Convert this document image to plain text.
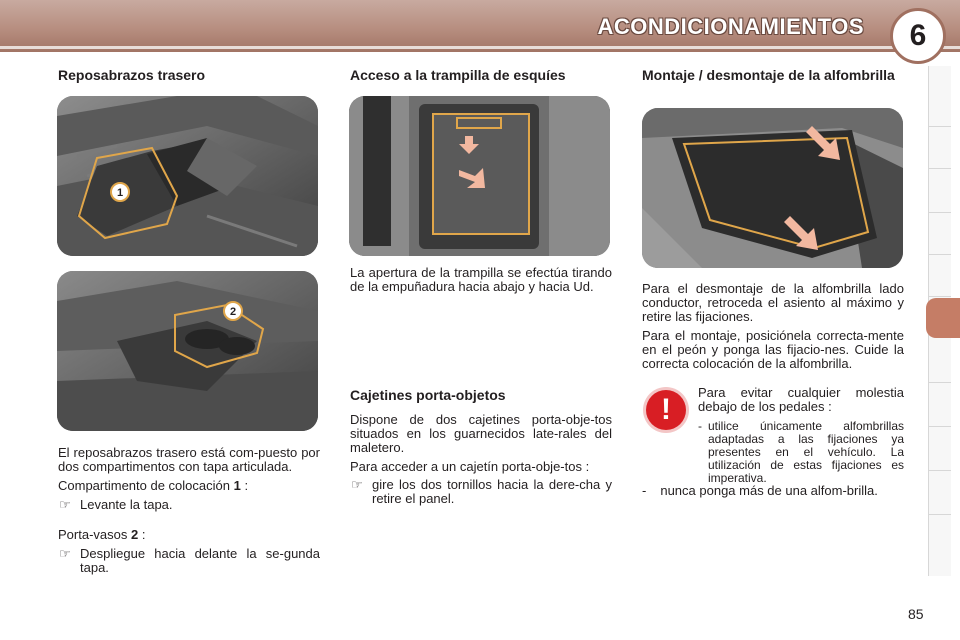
ACONDICIONAMIENTOS	6
Reposabrazos trasero
1
2

El reposabrazos trasero está com-puesto por dos compartimentos con tapa articulada.

Compartimento de colocación 1 :
☞ Levante la tapa.
Porta-vasos 2 :
☞ Despliegue hacia delante la se-gunda tapa.

Acceso a la trampilla de esquíes

La apertura de la trampilla se efectúa tirando de la empuñadura hacia abajo y hacia Ud.

Cajetines porta-objetos

Dispone de dos cajetines porta-obje-tos situados en los guarnecidos late-rales del maletero.

Para acceder a un cajetín porta-obje-tos :

☞ gire los dos tornillos hacia la dere-cha y retire el panel.

Montaje / desmontaje de la alfombrilla

Para el desmontaje de la alfombrilla lado conductor, retroceda el asiento al máximo y retire las fijaciones.

Para el montaje, posiciónela correcta-mente en el peón y ponga las fijacio-nes. Cuide la correcta colocación de la alfombrilla.

!

Para evitar cualquier molestia debajo de los pedales :

- utilice únicamente alfombrillas adaptadas a las fijaciones ya presentes en el vehículo. La utilización de estas fijaciones es imperativa.

- nunca ponga más de una alfom-brilla.

85
